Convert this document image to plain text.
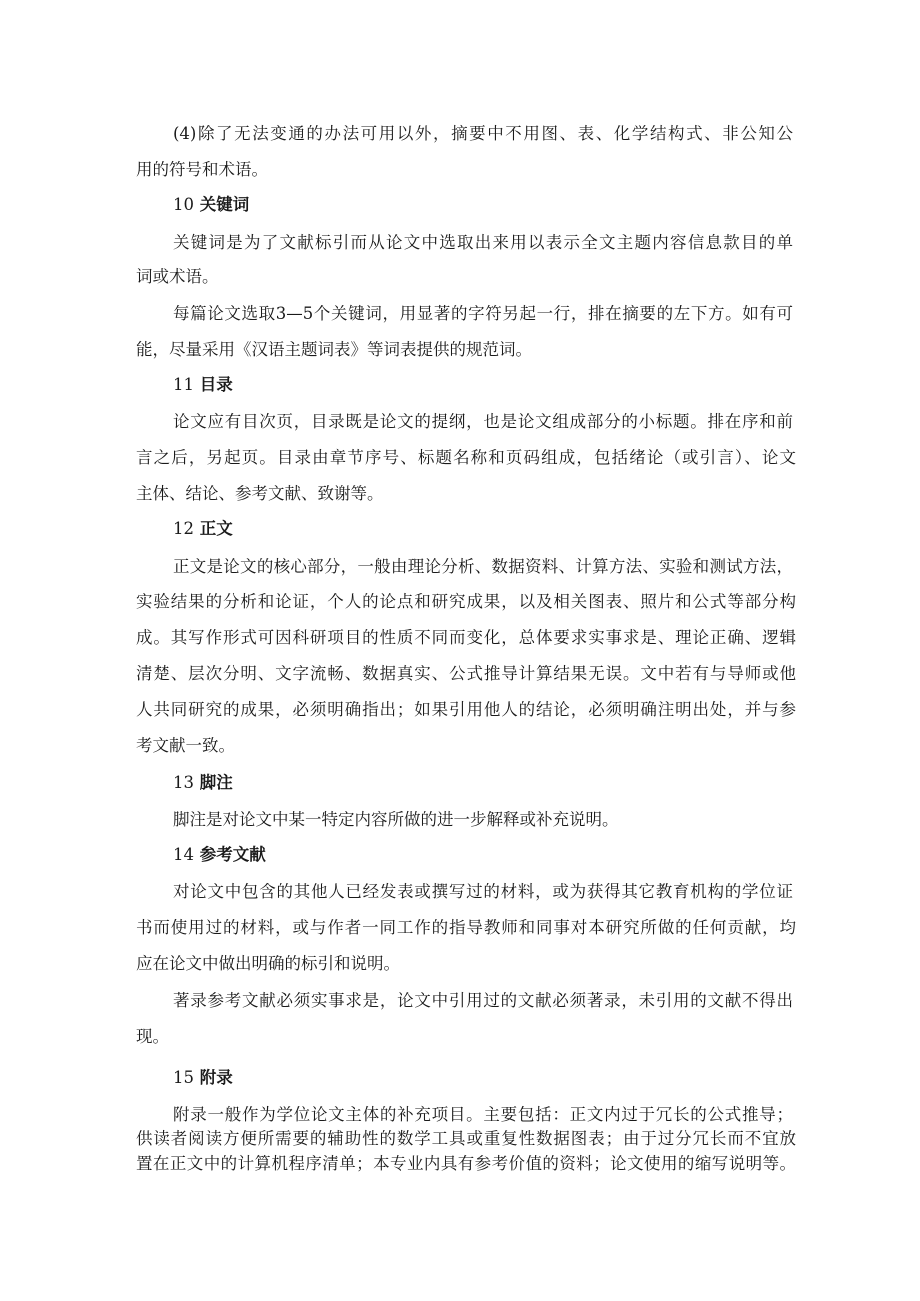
(4)除了无法变通的办法可用以外，摘要中不用图、表、化学结构式、非公知公
用的符号和术语。
10 关键词
关键词是为了文献标引而从论文中选取出来用以表示全文主题内容信息款目的单
词或术语。
每篇论文选取3—5个关键词，用显著的字符另起一行，排在摘要的左下方。如有可
能，尽量采用《汉语主题词表》等词表提供的规范词。
11 目录
论文应有目次页，目录既是论文的提纲，也是论文组成部分的小标题。排在序和前
言之后，另起页。目录由章节序号、标题名称和页码组成，包括绪论（或引言）、论文
主体、结论、参考文献、致谢等。
12 正文
正文是论文的核心部分，一般由理论分析、数据资料、计算方法、实验和测试方法，
实验结果的分析和论证，个人的论点和研究成果，以及相关图表、照片和公式等部分构
成。其写作形式可因科研项目的性质不同而变化，总体要求实事求是、理论正确、逻辑
清楚、层次分明、文字流畅、数据真实、公式推导计算结果无误。文中若有与导师或他
人共同研究的成果，必须明确指出；如果引用他人的结论，必须明确注明出处，并与参
考文献一致。
13 脚注
脚注是对论文中某一特定内容所做的进一步解释或补充说明。
14 参考文献
对论文中包含的其他人已经发表或撰写过的材料，或为获得其它教育机构的学位证
书而使用过的材料，或与作者一同工作的指导教师和同事对本研究所做的任何贡献，均
应在论文中做出明确的标引和说明。
著录参考文献必须实事求是，论文中引用过的文献必须著录，未引用的文献不得出
现。
15 附录
附录一般作为学位论文主体的补充项目。主要包括：正文内过于冗长的公式推导；
供读者阅读方便所需要的辅助性的数学工具或重复性数据图表；由于过分冗长而不宜放
置在正文中的计算机程序清单；本专业内具有参考价值的资料；论文使用的缩写说明等。
